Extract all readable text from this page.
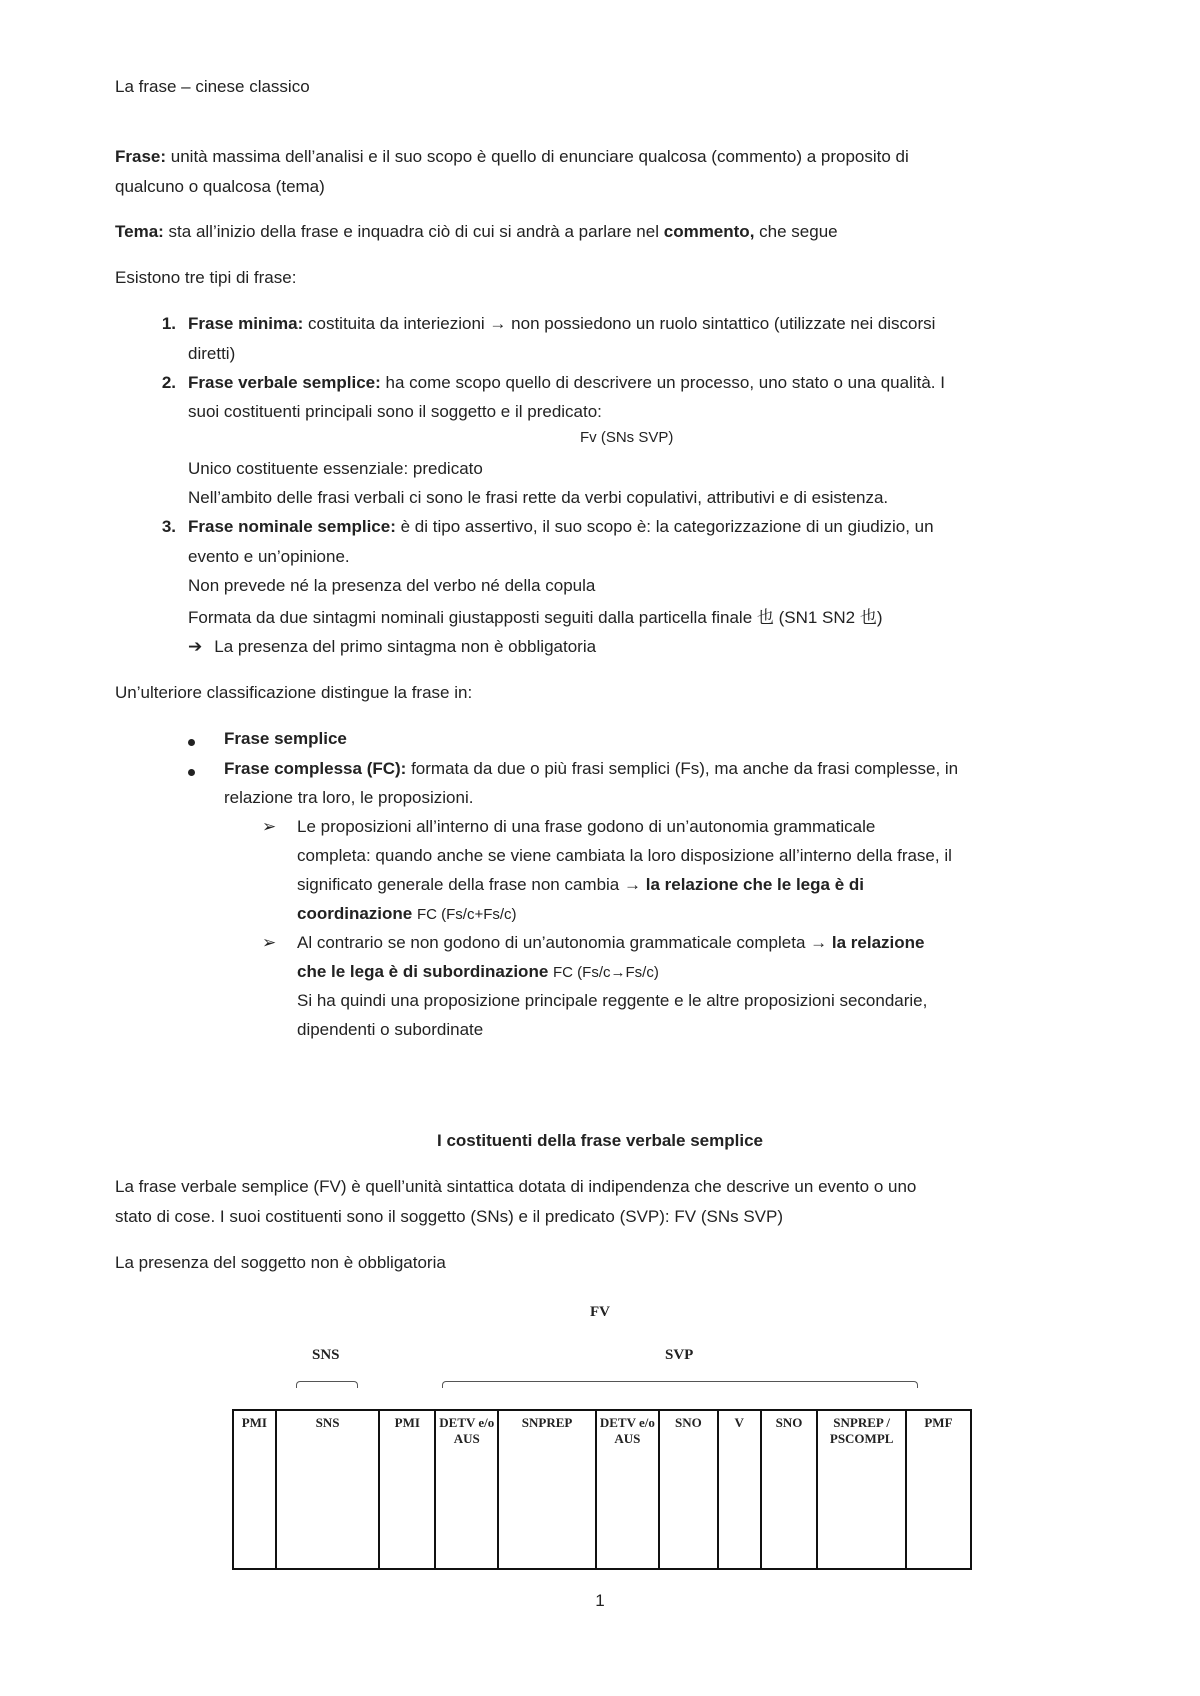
La frase – cinese classico
Frase: unità massima dell’analisi e il suo scopo è quello di enunciare qualcosa (commento) a proposito di
qualcuno o qualcosa (tema)
Tema: sta all’inizio della frase e inquadra ciò di cui si andrà a parlare nel commento, che segue
Esistono tre tipi di frase:
1. Frase minima: costituita da interiezioni → non possiedono un ruolo sintattico (utilizzate nei discorsi
diretti)
2. Frase verbale semplice: ha come scopo quello di descrivere un processo, uno stato o una qualità. I
suoi costituenti principali sono il soggetto e il predicato:
Fv (SNs SVP)
Unico costituente essenziale: predicato
Nell’ambito delle frasi verbali ci sono le frasi rette da verbi copulativi, attributivi e di esistenza.
3. Frase nominale semplice: è di tipo assertivo, il suo scopo è: la categorizzazione di un giudizio, un
evento e un’opinione.
Non prevede né la presenza del verbo né della copula
Formata da due sintagmi nominali giustapposti seguiti dalla particella finale 也 (SN1 SN2 也)
➔ La presenza del primo sintagma non è obbligatoria
Un’ulteriore classificazione distingue la frase in:
Frase semplice
Frase complessa (FC): formata da due o più frasi semplici (Fs), ma anche da frasi complesse, in
relazione tra loro, le proposizioni.
➢ Le proposizioni all’interno di una frase godono di un’autonomia grammaticale
completa: quando anche se viene cambiata la loro disposizione all’interno della frase, il
significato generale della frase non cambia → la relazione che le lega è di
coordinazione FC (Fs/c+Fs/c)
➢ Al contrario se non godono di un’autonomia grammaticale completa → la relazione
che le lega è di subordinazione FC (Fs/c→Fs/c)
Si ha quindi una proposizione principale reggente e le altre proposizioni secondarie,
dipendenti o subordinate
I costituenti della frase verbale semplice
La frase verbale semplice (FV) è quell’unità sintattica dotata di indipendenza che descrive un evento o uno
stato di cose. I suoi costituenti sono il soggetto (SNs) e il predicato (SVP): FV (SNs SVP)
La presenza del soggetto non è obbligatoria
FV
SNS	SVP
PMI	SNS	PMI	DETV e/o AUS	SNPREP	DETV e/o AUS	SNO	V	SNO	SNPREP / PSCOMPL	PMF
1
